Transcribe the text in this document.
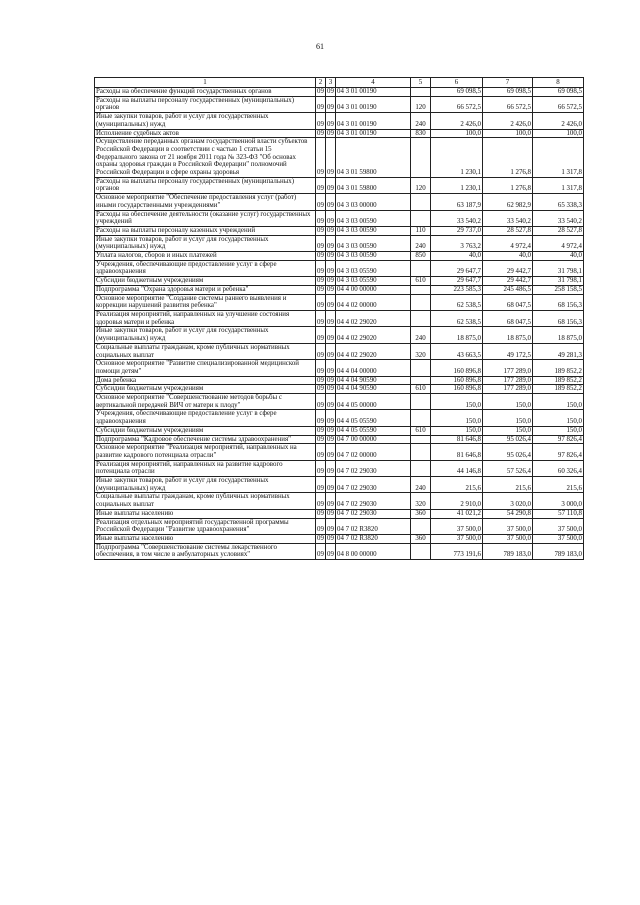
61
1	2	3	4	5	6	7	8
Расходы на обеспечение функций государственных органов	09	09	04 3 01 00190		69 098,5	69 098,5	69 098,5
Расходы на выплаты персоналу государственных (муниципальных) органов	09	09	04 3 01 00190	120	66 572,5	66 572,5	66 572,5
Иные закупки товаров, работ и услуг для государственных (муниципальных) нужд	09	09	04 3 01 00190	240	2 426,0	2 426,0	2 426,0
Исполнение судебных актов	09	09	04 3 01 00190	830	100,0	100,0	100,0
Осуществление переданных органам государственной власти субъектов Российской Федерации в соответствии с частью 1 статьи 15 Федерального закона от 21 ноября 2011 года № 323-ФЗ "Об основах охраны здоровья граждан в Российской Федерации" полномочий Российской Федерации в сфере охраны здоровья	09	09	04 3 01 59800		1 230,1	1 276,8	1 317,8
Расходы на выплаты персоналу государственных (муниципальных) органов	09	09	04 3 01 59800	120	1 230,1	1 276,8	1 317,8
Основное мероприятие "Обеспечение предоставления услуг (работ) иными государственными учреждениями"	09	09	04 3 03 00000		63 187,9	62 982,9	65 338,3
Расходы на обеспечение деятельности (оказание услуг) государственных учреждений	09	09	04 3 03 00590		33 540,2	33 540,2	33 540,2
Расходы на выплаты персоналу казенных учреждений	09	09	04 3 03 00590	110	29 737,0	28 527,8	28 527,8
Иные закупки товаров, работ и услуг для государственных (муниципальных) нужд	09	09	04 3 03 00590	240	3 763,2	4 972,4	4 972,4
Уплата налогов, сборов и иных платежей	09	09	04 3 03 00590	850	40,0	40,0	40,0
Учреждения, обеспечивающие предоставление услуг в сфере здравоохранения	09	09	04 3 03 05590		29 647,7	29 442,7	31 798,1
Субсидии бюджетным учреждениям	09	09	04 3 03 05590	610	29 647,7	29 442,7	31 798,1
Подпрограмма "Охрана здоровья матери и ребенка"	09	09	04 4 00 00000		223 585,3	245 486,5	258 158,5
Основное мероприятие "Создание системы раннего выявления и коррекции нарушений развития ребенка"	09	09	04 4 02 00000		62 538,5	68 047,5	68 156,3
Реализация мероприятий, направленных на улучшение состояния здоровья матери и ребенка	09	09	04 4 02 29020		62 538,5	68 047,5	68 156,3
Иные закупки товаров, работ и услуг для государственных (муниципальных) нужд	09	09	04 4 02 29020	240	18 875,0	18 875,0	18 875,0
Социальные выплаты гражданам, кроме публичных нормативных социальных выплат	09	09	04 4 02 29020	320	43 663,5	49 172,5	49 281,3
Основное мероприятие "Развитие специализированной медицинской помощи детям"	09	09	04 4 04 00000		160 896,8	177 289,0	189 852,2
Дома ребенка	09	09	04 4 04 90590		160 896,8	177 289,0	189 852,2
Субсидии бюджетным учреждениям	09	09	04 4 04 90590	610	160 896,8	177 289,0	189 852,2
Основное мероприятие "Совершенствование методов борьбы с вертикальной передачей ВИЧ от матери к плоду"	09	09	04 4 05 00000		150,0	150,0	150,0
Учреждения, обеспечивающие предоставление услуг в сфере здравоохранения	09	09	04 4 05 05590		150,0	150,0	150,0
Субсидии бюджетным учреждениям	09	09	04 4 05 05590	610	150,0	150,0	150,0
Подпрограмма "Кадровое обеспечение системы здравоохранения"	09	09	04 7 00 00000		81 646,8	95 026,4	97 826,4
Основное мероприятие "Реализация мероприятий, направленных на развитие кадрового потенциала отрасли"	09	09	04 7 02 00000		81 646,8	95 026,4	97 826,4
Реализация мероприятий, направленных на развитие кадрового потенциала отрасли	09	09	04 7 02 29030		44 146,8	57 526,4	60 326,4
Иные закупки товаров, работ и услуг для государственных (муниципальных) нужд	09	09	04 7 02 29030	240	215,6	215,6	215,6
Социальные выплаты гражданам, кроме публичных нормативных социальных выплат	09	09	04 7 02 29030	320	2 910,0	3 020,0	3 000,0
Иные выплаты населению	09	09	04 7 02 29030	360	41 021,2	54 290,8	57 110,8
Реализация отдельных мероприятий государственной программы Российской Федерации "Развитие здравоохранения"	09	09	04 7 02 R3820		37 500,0	37 500,0	37 500,0
Иные выплаты населению	09	09	04 7 02 R3820	360	37 500,0	37 500,0	37 500,0
Подпрограмма "Совершенствование системы лекарственного обеспечения, в том числе в амбулаторных условиях"	09	09	04 8 00 00000		773 191,6	789 183,0	789 183,0
